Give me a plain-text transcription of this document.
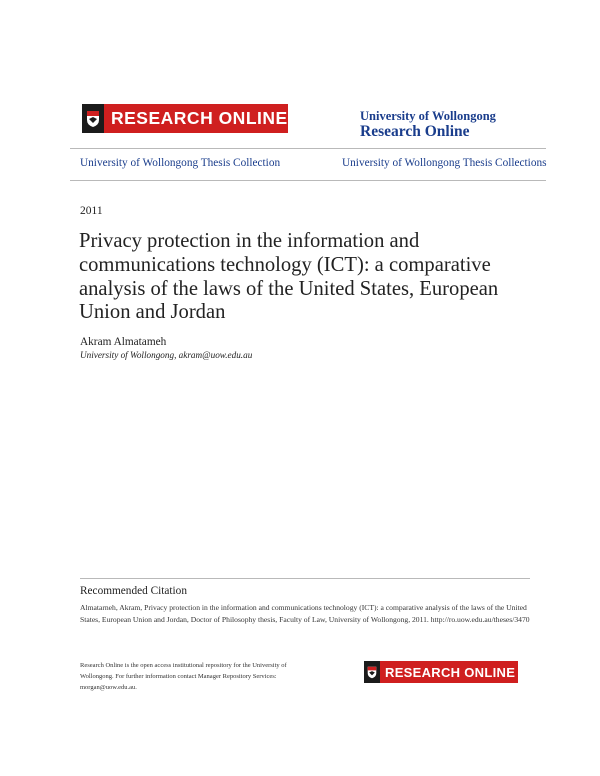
RESEARCH ONLINE	University of Wollongong
Research Online
University of Wollongong Thesis Collection	University of Wollongong Thesis Collections
2011
Privacy protection in the information and communications technology (ICT): a comparative analysis of the laws of the United States, European Union and Jordan
Akram Almatameh
University of Wollongong, akram@uow.edu.au
Recommended Citation
Almatarneh, Akram, Privacy protection in the information and communications technology (ICT): a comparative analysis of the laws of the United States, European Union and Jordan, Doctor of Philosophy thesis, Faculty of Law, University of Wollongong, 2011. http://ro.uow.edu.au/theses/3470
Research Online is the open access institutional repository for the University of Wollongong. For further information contact Manager Repository Services: morgan@uow.edu.au.
RESEARCH ONLINE
